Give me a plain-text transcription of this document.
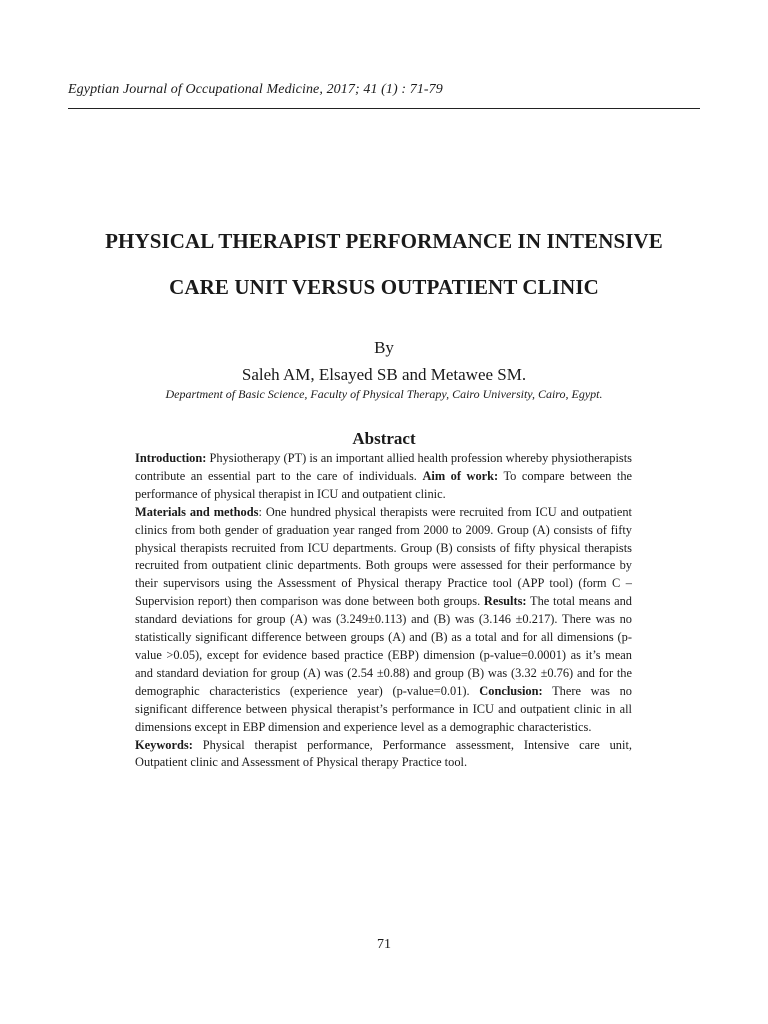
Egyptian Journal of Occupational Medicine, 2017; 41 (1) : 71-79
PHYSICAL THERAPIST PERFORMANCE IN INTENSIVE
CARE UNIT VERSUS OUTPATIENT CLINIC
By
Saleh AM, Elsayed SB and Metawee SM.
Department of Basic Science, Faculty of Physical Therapy, Cairo University, Cairo, Egypt.
Abstract

Introduction: Physiotherapy (PT) is an important allied health profession whereby physiotherapists contribute an essential part to the care of individuals. Aim of work: To compare between the performance of physical therapist in ICU and outpatient clinic.

Materials and methods: One hundred physical therapists were recruited from ICU and outpatient clinics from both gender of graduation year ranged from 2000 to 2009. Group (A) consists of fifty physical therapists recruited from ICU departments. Group (B) consists of fifty physical therapists recruited from outpatient clinic departments. Both groups were assessed for their performance by their supervisors using the Assessment of Physical therapy Practice tool (APP tool) (form C – Supervision report) then comparison was done between both groups. Results: The total means and standard deviations for group (A) was (3.249±0.113) and (B) was (3.146 ±0.217). There was no statistically significant difference between groups (A) and (B) as a total and for all dimensions (p-value >0.05), except for evidence based practice (EBP) dimension (p-value=0.0001) as it’s mean and standard deviation for group (A) was (2.54 ±0.88) and group (B) was (3.32 ±0.76) and for the demographic characteristics (experience year) (p-value=0.01). Conclusion: There was no significant difference between physical therapist’s performance in ICU and outpatient clinic in all dimensions except in EBP dimension and experience level as a demographic characteristics.

Keywords: Physical therapist performance, Performance assessment, Intensive care unit, Outpatient clinic and Assessment of Physical therapy Practice tool.

71
